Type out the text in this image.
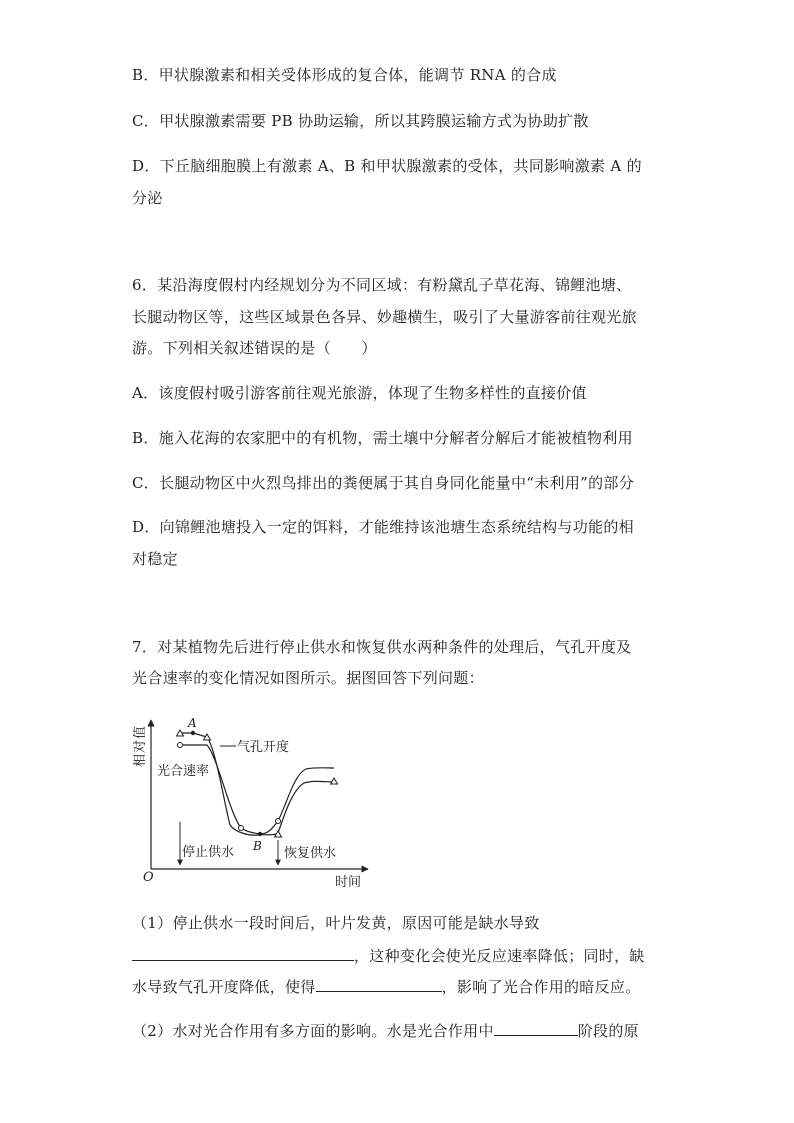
B．甲状腺激素和相关受体形成的复合体，能调节 RNA 的合成
C．甲状腺激素需要 PB 协助运输，所以其跨膜运输方式为协助扩散
D．下丘脑细胞膜上有激素 A、B 和甲状腺激素的受体，共同影响激素 A 的
分泌
6．某沿海度假村内经规划分为不同区域：有粉黛乱子草花海、锦鲤池塘、
长腿动物区等，这些区域景色各异、妙趣横生，吸引了大量游客前往观光旅
游。下列相关叙述错误的是（　　）
A．该度假村吸引游客前往观光旅游，体现了生物多样性的直接价值
B．施入花海的农家肥中的有机物，需土壤中分解者分解后才能被植物利用
C．长腿动物区中火烈鸟排出的粪便属于其自身同化能量中“未利用”的部分
D．向锦鲤池塘投入一定的饵料，才能维持该池塘生态系统结构与功能的相
对稳定
7．对某植物先后进行停止供水和恢复供水两种条件的处理后，气孔开度及
光合速率的变化情况如图所示。据图回答下列问题：
相对值
时间
O
停止供水	恢复供水
A
气孔开度
B
光合速率
（1）停止供水一段时间后，叶片发黄，原因可能是缺水导致
，这种变化会使光反应速率降低；同时，缺
水导致气孔开度降低，使得	，影响了光合作用的暗反应。
（2）水对光合作用有多方面的影响。水是光合作用中	阶段的原
